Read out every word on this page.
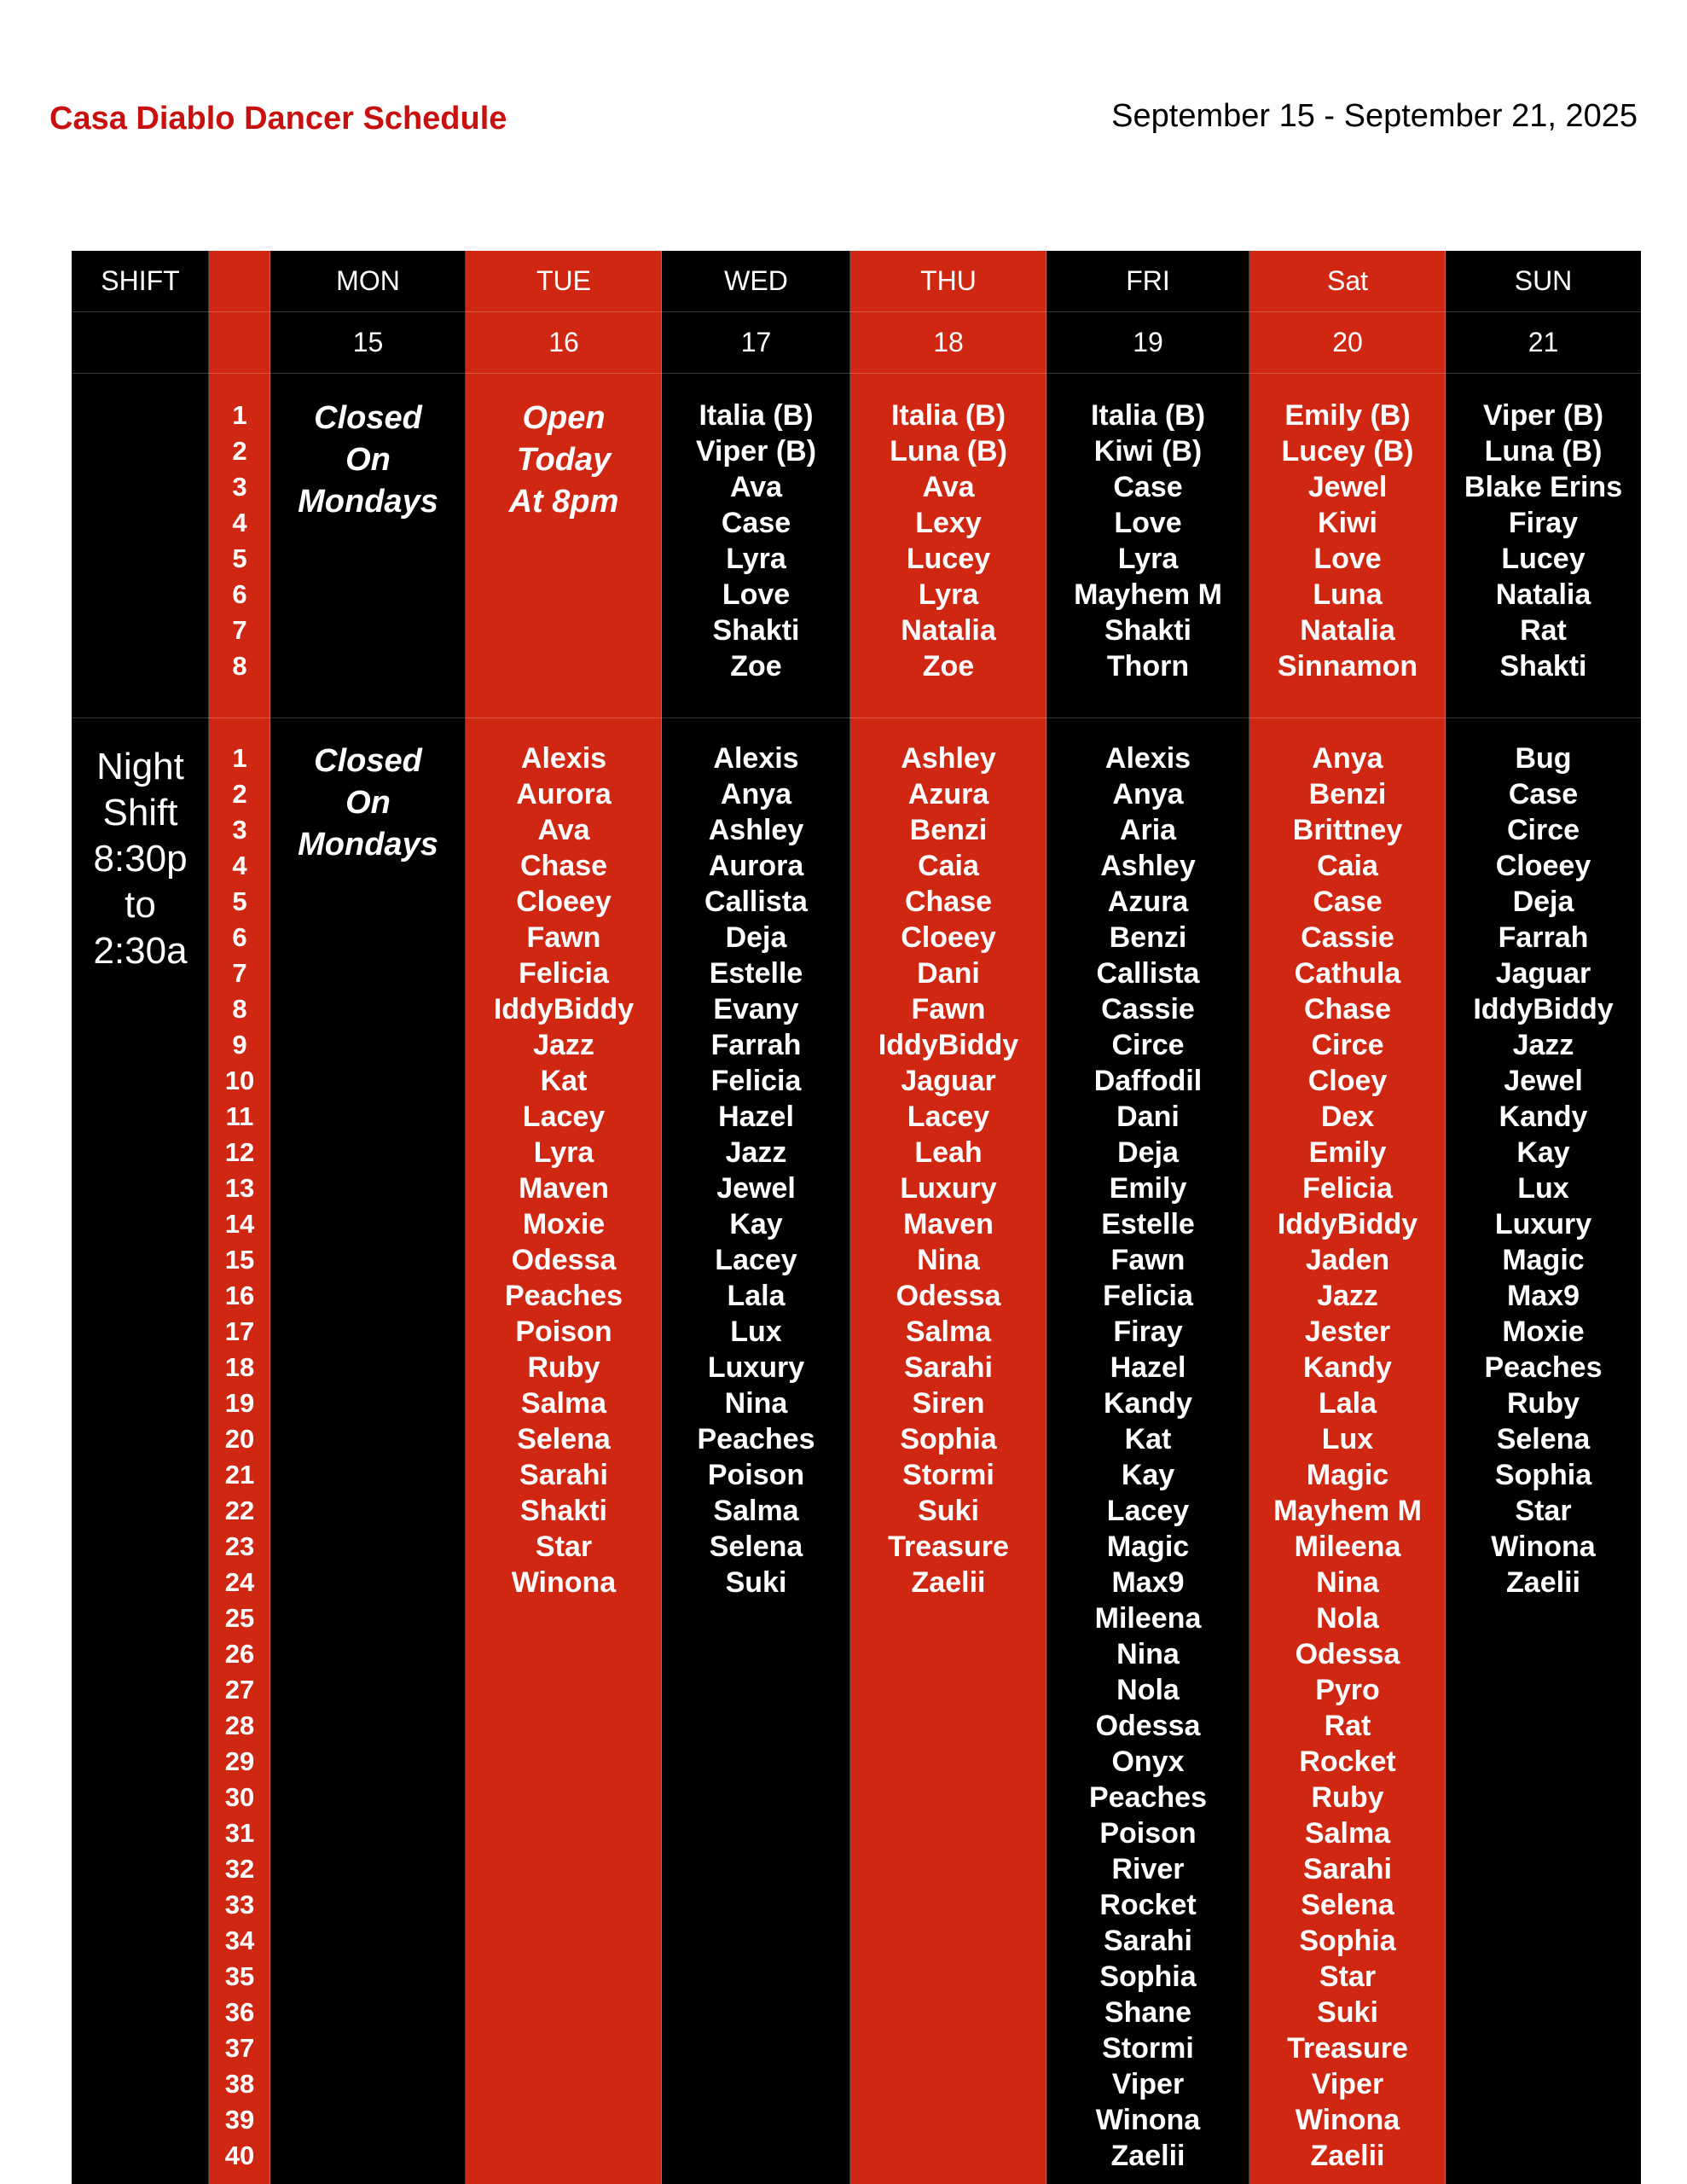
Casa Diablo Dancer Schedule	September 15 - September 21, 2025
SHIFT
Night
Shift
8:30p
to
2:30a
1
2
3
4
5
6
7
8
1
2
3
4
5
6
7
8
9
10
11
12
13
14
15
16
17
18
19
20
21
22
23
24
25
26
27
28
29
30
31
32
33
34
35
36
37
38
39
40
MON
15
Closed
On
Mondays
Closed
On
Mondays
TUE
16
Open
Today
At 8pm
Alexis
Aurora
Ava
Chase
Cloeey
Fawn
Felicia
IddyBiddy
Jazz
Kat
Lacey
Lyra
Maven
Moxie
Odessa
Peaches
Poison
Ruby
Salma
Selena
Sarahi
Shakti
Star
Winona
WED
17
Italia (B)
Viper (B)
Ava
Case
Lyra
Love
Shakti
Zoe
Alexis
Anya
Ashley
Aurora
Callista
Deja
Estelle
Evany
Farrah
Felicia
Hazel
Jazz
Jewel
Kay
Lacey
Lala
Lux
Luxury
Nina
Peaches
Poison
Salma
Selena
Suki
THU
18
Italia (B)
Luna (B)
Ava
Lexy
Lucey
Lyra
Natalia
Zoe
Ashley
Azura
Benzi
Caia
Chase
Cloeey
Dani
Fawn
IddyBiddy
Jaguar
Lacey
Leah
Luxury
Maven
Nina
Odessa
Salma
Sarahi
Siren
Sophia
Stormi
Suki
Treasure
Zaelii
FRI
19
Italia (B)
Kiwi (B)
Case
Love
Lyra
Mayhem M
Shakti
Thorn
Alexis
Anya
Aria
Ashley
Azura
Benzi
Callista
Cassie
Circe
Daffodil
Dani
Deja
Emily
Estelle
Fawn
Felicia
Firay
Hazel
Kandy
Kat
Kay
Lacey
Magic
Max9
Mileena
Nina
Nola
Odessa
Onyx
Peaches
Poison
River
Rocket
Sarahi
Sophia
Shane
Stormi
Viper
Winona
Zaelii
Sat
20
Emily (B)
Lucey (B)
Jewel
Kiwi
Love
Luna
Natalia
Sinnamon
Anya
Benzi
Brittney
Caia
Case
Cassie
Cathula
Chase
Circe
Cloey
Dex
Emily
Felicia
IddyBiddy
Jaden
Jazz
Jester
Kandy
Lala
Lux
Magic
Mayhem M
Mileena
Nina
Nola
Odessa
Pyro
Rat
Rocket
Ruby
Salma
Sarahi
Selena
Sophia
Star
Suki
Treasure
Viper
Winona
Zaelii
SUN
21
Viper (B)
Luna (B)
Blake Erins
Firay
Lucey
Natalia
Rat
Shakti
Bug
Case
Circe
Cloeey
Deja
Farrah
Jaguar
IddyBiddy
Jazz
Jewel
Kandy
Kay
Lux
Luxury
Magic
Max9
Moxie
Peaches
Ruby
Selena
Sophia
Star
Winona
Zaelii
